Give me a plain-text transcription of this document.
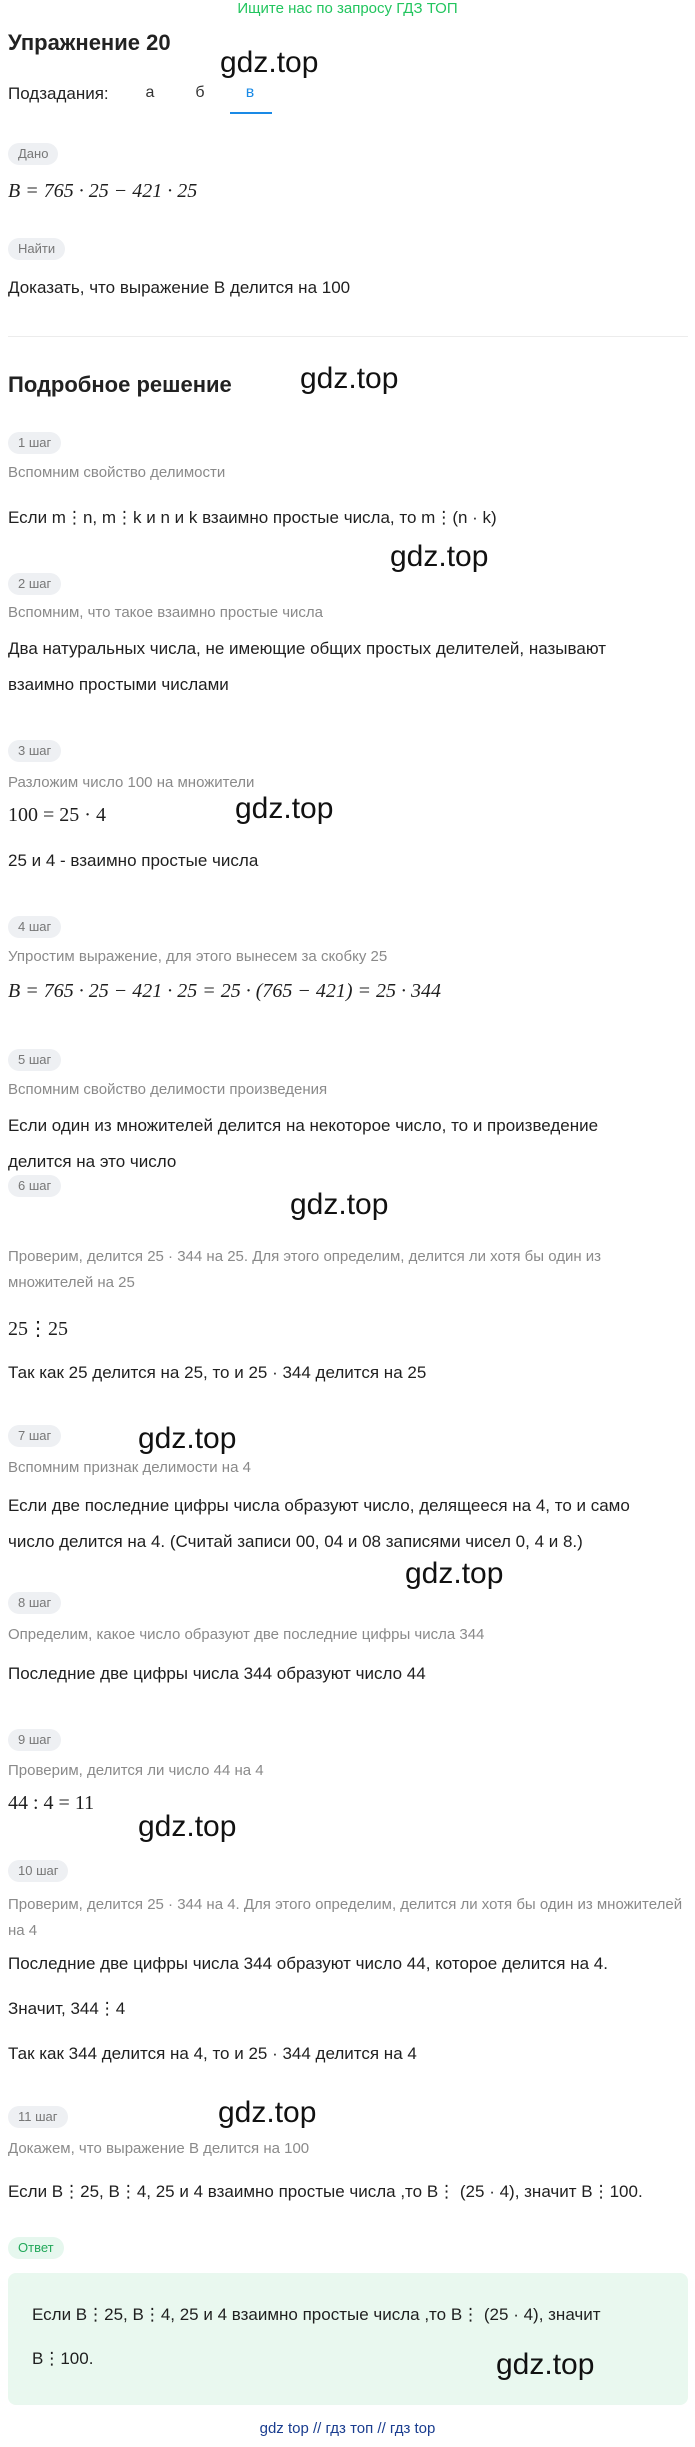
Ищите нас по запросу ГДЗ ТОП
Упражнение 20
Подзадания:	а	б	в
Дано
B = 765 · 25 − 421 · 25
Найти
Доказать, что выражение B делится на 100
Подробное решение
1 шаг
Вспомним свойство делимости
Если m⋮n, m⋮k и n и k взаимно простые числа, то m⋮(n · k)
2 шаг
Вспомним, что такое взаимно простые числа
Два натуральных числа, не имеющие общих простых делителей, называют
взаимно простыми числами
3 шаг
Разложим число 100 на множители
100 = 25 · 4
25 и 4 - взаимно простые числа
4 шаг
Упростим выражение, для этого вынесем за скобку 25
B = 765 · 25 − 421 · 25 = 25 · (765 − 421) = 25 · 344
5 шаг
Вспомним свойство делимости произведения
Если один из множителей делится на некоторое число, то и произведение
делится на это число
6 шаг
Проверим, делится 25 · 344 на 25. Для этого определим, делится ли хотя бы один из множителей на 25
25⋮25
Так как 25 делится на 25, то и 25 · 344 делится на 25
7 шаг
Вспомним признак делимости на 4
Если две последние цифры числа образуют число, делящееся на 4, то и само
число делится на 4. (Считай записи 00, 04 и 08 записями чисел 0, 4 и 8.)
8 шаг
Определим, какое число образуют две последние цифры числа 344
Последние две цифры числа 344 образуют число 44
9 шаг
Проверим, делится ли число 44 на 4
44 : 4 = 11
10 шаг
Проверим, делится 25 · 344 на 4. Для этого определим, делится ли хотя бы один из множителей на 4
Последние две цифры числа 344 образуют число 44, которое делится на 4.
Значит, 344⋮4
Так как 344 делится на 4, то и 25 · 344 делится на 4
11 шаг
Докажем, что выражение B делится на 100
Если B⋮25, B⋮4, 25 и 4 взаимно простые числа ,то B⋮ (25 · 4), значит B⋮100.
Ответ
Если B⋮25, B⋮4, 25 и 4 взаимно простые числа ,то B⋮ (25 · 4), значит
B⋮100.
gdz.top
gdz.top
gdz.top
gdz.top
gdz.top
gdz.top
gdz.top
gdz.top
gdz.top
gdz.top
gdz top // гдз топ // гдз top
